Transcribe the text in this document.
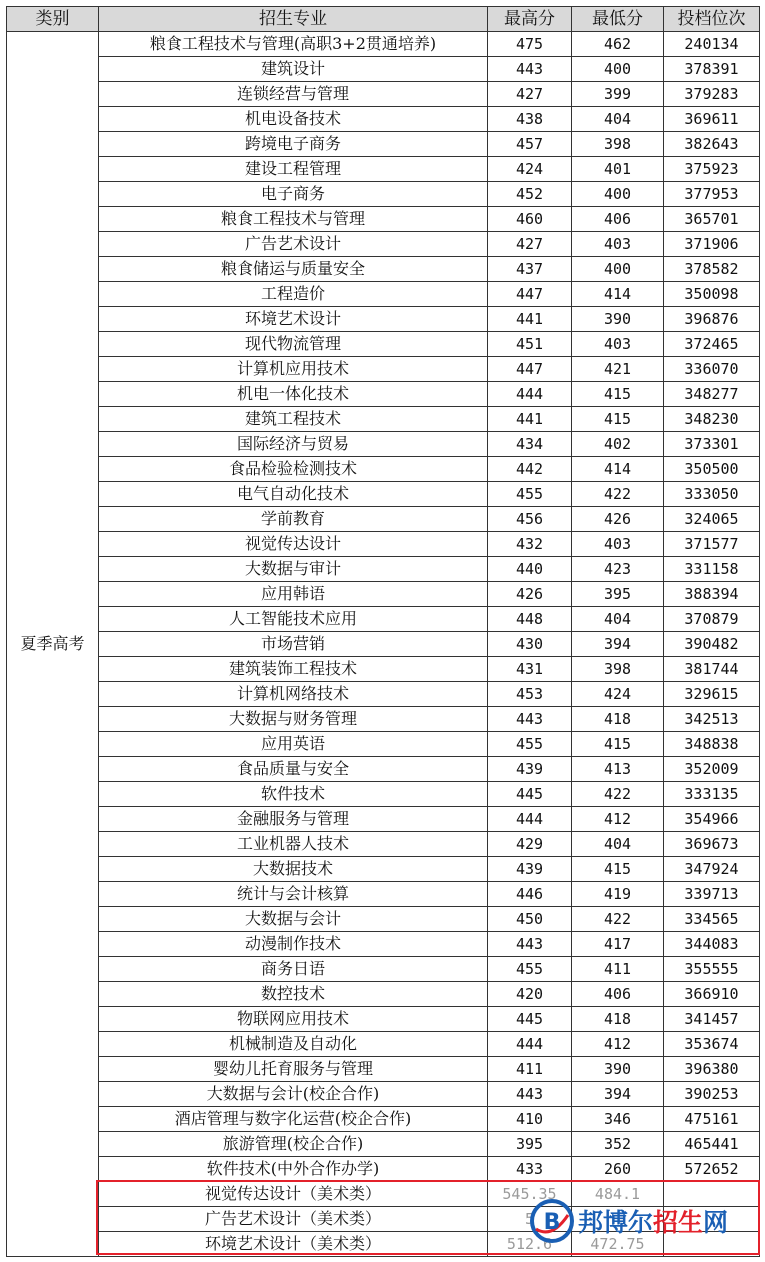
类别	招生专业	最高分	最低分	投档位次
夏季高考	粮食工程技术与管理(高职3+2贯通培养)	475	462	240134
	建筑设计	443	400	378391
	连锁经营与管理	427	399	379283
	机电设备技术	438	404	369611
	跨境电子商务	457	398	382643
	建设工程管理	424	401	375923
	电子商务	452	400	377953
	粮食工程技术与管理	460	406	365701
	广告艺术设计	427	403	371906
	粮食储运与质量安全	437	400	378582
	工程造价	447	414	350098
	环境艺术设计	441	390	396876
	现代物流管理	451	403	372465
	计算机应用技术	447	421	336070
	机电一体化技术	444	415	348277
	建筑工程技术	441	415	348230
	国际经济与贸易	434	402	373301
	食品检验检测技术	442	414	350500
	电气自动化技术	455	422	333050
	学前教育	456	426	324065
	视觉传达设计	432	403	371577
	大数据与审计	440	423	331158
	应用韩语	426	395	388394
	人工智能技术应用	448	404	370879
	市场营销	430	394	390482
	建筑装饰工程技术	431	398	381744
	计算机网络技术	453	424	329615
	大数据与财务管理	443	418	342513
	应用英语	455	415	348838
	食品质量与安全	439	413	352009
	软件技术	445	422	333135
	金融服务与管理	444	412	354966
	工业机器人技术	429	404	369673
	大数据技术	439	415	347924
	统计与会计核算	446	419	339713
	大数据与会计	450	422	334565
	动漫制作技术	443	417	344083
	商务日语	455	411	355555
	数控技术	420	406	366910
	物联网应用技术	445	418	341457
	机械制造及自动化	444	412	353674
	婴幼儿托育服务与管理	411	390	396380
	大数据与会计(校企合作)	443	394	390253
	酒店管理与数字化运营(校企合作)	410	346	475161
	旅游管理(校企合作)	395	352	465441
	软件技术(中外合作办学)	433	260	572652
	视觉传达设计（美术类）	545.35	484.1	
	广告艺术设计（美术类）	5		
	环境艺术设计（美术类）	512.6	472.75	
B 邦博尔招生网
